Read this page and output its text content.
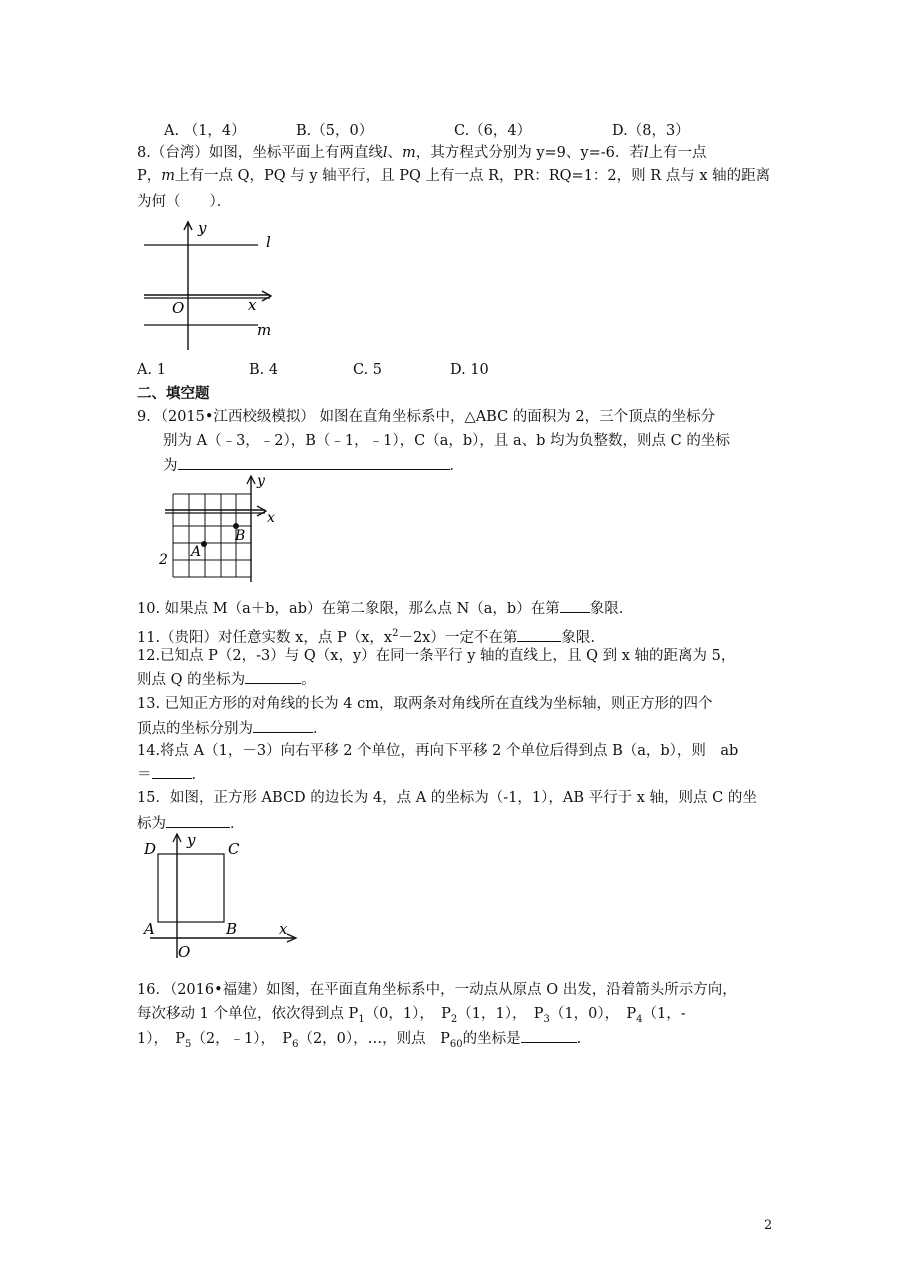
A. （1，4）	B.（5，0）	C.（6，4）	D.（8，3）
8.（台湾）如图，坐标平面上有两直线l、m，其方程式分别为 y=9、y=-6．若l上有一点
P，m上有一点 Q，PQ 与 y 轴平行，且 PQ 上有一点 R，PR：RQ=1：2，则 R 点与 x 轴的距离
为何（　　）．
y
l
O	x
m
A. 1	B. 4	C. 5	D. 10
二、填空题
9．（2015•江西校级模拟） 如图在直角坐标系中，△ABC 的面积为 2，三个顶点的坐标分
别为 A（﹣3，﹣2），B（﹣1，﹣1），C（a，b），且 a、b 均为负整数，则点 C 的坐标
为	．
y
x
B
A
2
10. 如果点 M（a＋b，ab）在第二象限，那么点 N（a，b）在第 象限.
11.（贵阳）对任意实数 x，点 P（x，$x^2-2x$）一定不在第	象限.
12.已知点 P（2，-3）与 Q（x，y）在同一条平行 y 轴的直线上，且 Q 到 x 轴的距离为 5，
则点 Q 的坐标为	。
13. 已知正方形的对角线的长为 4 cm，取两条对角线所在直线为坐标轴，则正方形的四个
顶点的坐标分别为	．
14.将点 A（1，－3）向右平移 2 个单位，再向下平移 2 个单位后得到点 B（a，b），则　ab
＝	．
15．如图，正方形 ABCD 的边长为 4，点 A 的坐标为（-1，1），AB 平行于 x 轴，则点 C 的坐
标为	．
y
D	C
A	B	x
O
16．（2016•福建）如图，在平面直角坐标系中，一动点从原点 O 出发，沿着箭头所示方向，
每次移动 1 个单位，依次得到点 $P_1(0$，1），　$P_2(1$，1），　$P_3(1$，0），　$P_4(1$，-
1），　$P_5(2$，﹣1），　$P_6(2$，0），…，则点　$P_{60}$的坐标是	.
2
